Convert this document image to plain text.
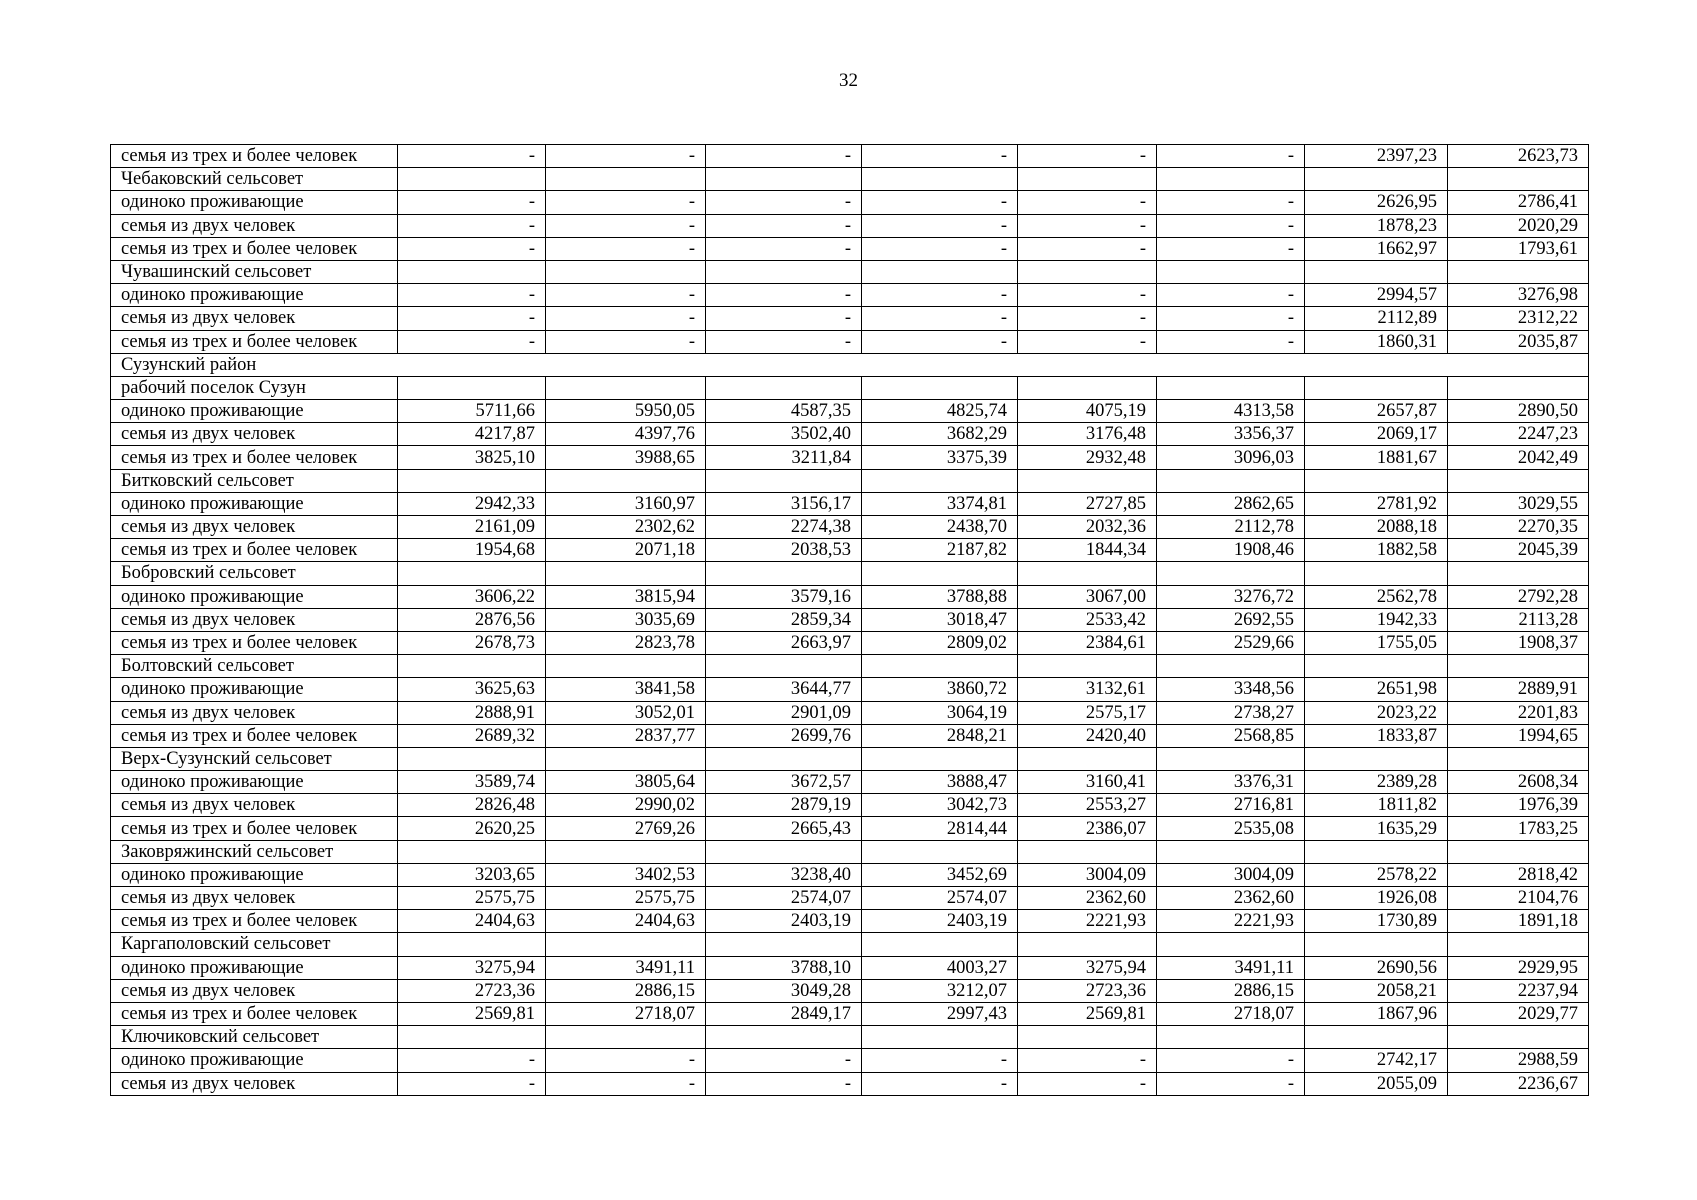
32
семья из трех и более человек	-	-	-	-	-	-	2397,23	2623,73
Чебаковский сельсовет								
одиноко проживающие	-	-	-	-	-	-	2626,95	2786,41
семья из двух человек	-	-	-	-	-	-	1878,23	2020,29
семья из трех и более человек	-	-	-	-	-	-	1662,97	1793,61
Чувашинский сельсовет								
одиноко проживающие	-	-	-	-	-	-	2994,57	3276,98
семья из двух человек	-	-	-	-	-	-	2112,89	2312,22
семья из трех и более человек	-	-	-	-	-	-	1860,31	2035,87
Сузунский район								
рабочий поселок Сузун								
одиноко проживающие	5711,66	5950,05	4587,35	4825,74	4075,19	4313,58	2657,87	2890,50
семья из двух человек	4217,87	4397,76	3502,40	3682,29	3176,48	3356,37	2069,17	2247,23
семья из трех и более человек	3825,10	3988,65	3211,84	3375,39	2932,48	3096,03	1881,67	2042,49
Битковский сельсовет								
одиноко проживающие	2942,33	3160,97	3156,17	3374,81	2727,85	2862,65	2781,92	3029,55
семья из двух человек	2161,09	2302,62	2274,38	2438,70	2032,36	2112,78	2088,18	2270,35
семья из трех и более человек	1954,68	2071,18	2038,53	2187,82	1844,34	1908,46	1882,58	2045,39
Бобровский сельсовет								
одиноко проживающие	3606,22	3815,94	3579,16	3788,88	3067,00	3276,72	2562,78	2792,28
семья из двух человек	2876,56	3035,69	2859,34	3018,47	2533,42	2692,55	1942,33	2113,28
семья из трех и более человек	2678,73	2823,78	2663,97	2809,02	2384,61	2529,66	1755,05	1908,37
Болтовский сельсовет								
одиноко проживающие	3625,63	3841,58	3644,77	3860,72	3132,61	3348,56	2651,98	2889,91
семья из двух человек	2888,91	3052,01	2901,09	3064,19	2575,17	2738,27	2023,22	2201,83
семья из трех и более человек	2689,32	2837,77	2699,76	2848,21	2420,40	2568,85	1833,87	1994,65
Верх-Сузунский сельсовет								
одиноко проживающие	3589,74	3805,64	3672,57	3888,47	3160,41	3376,31	2389,28	2608,34
семья из двух человек	2826,48	2990,02	2879,19	3042,73	2553,27	2716,81	1811,82	1976,39
семья из трех и более человек	2620,25	2769,26	2665,43	2814,44	2386,07	2535,08	1635,29	1783,25
Заковряжинский сельсовет								
одиноко проживающие	3203,65	3402,53	3238,40	3452,69	3004,09	3004,09	2578,22	2818,42
семья из двух человек	2575,75	2575,75	2574,07	2574,07	2362,60	2362,60	1926,08	2104,76
семья из трех и более человек	2404,63	2404,63	2403,19	2403,19	2221,93	2221,93	1730,89	1891,18
Каргаполовский сельсовет								
одиноко проживающие	3275,94	3491,11	3788,10	4003,27	3275,94	3491,11	2690,56	2929,95
семья из двух человек	2723,36	2886,15	3049,28	3212,07	2723,36	2886,15	2058,21	2237,94
семья из трех и более человек	2569,81	2718,07	2849,17	2997,43	2569,81	2718,07	1867,96	2029,77
Ключиковский сельсовет								
одиноко проживающие	-	-	-	-	-	-	2742,17	2988,59
семья из двух человек	-	-	-	-	-	-	2055,09	2236,67
